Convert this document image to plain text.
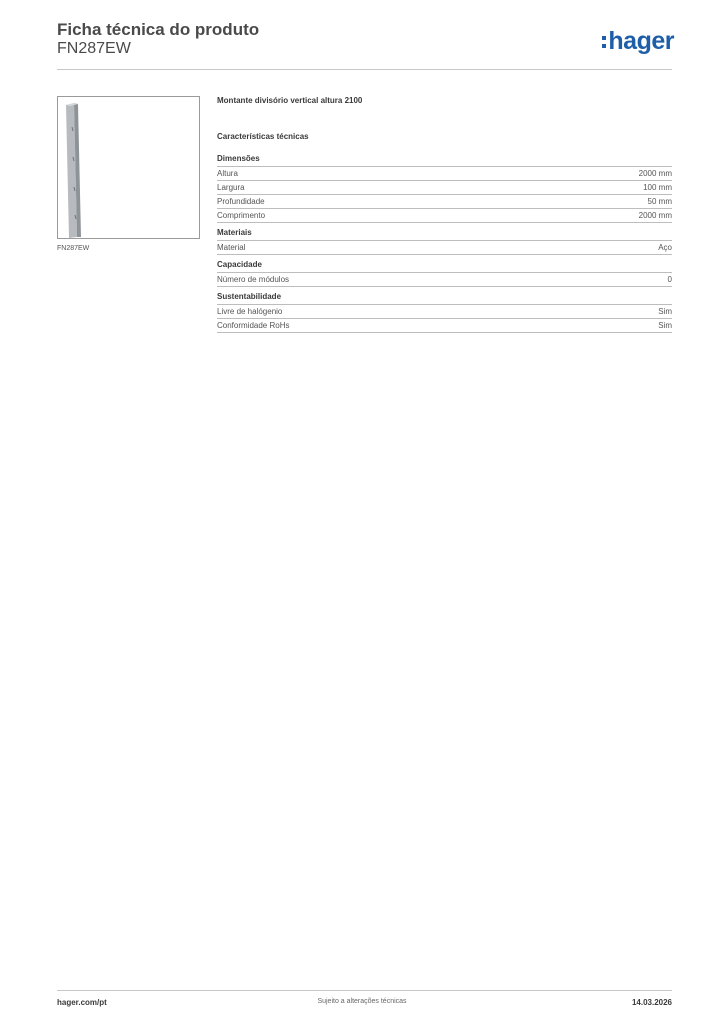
Ficha técnica do produto
FN287EW	hager
FN287EW
Montante divisório vertical altura 2100
Características técnicas
Dimensões
Altura	2000 mm
Largura	100 mm
Profundidade	50 mm
Comprimento	2000 mm
Materiais
Material	Aço
Capacidade
Número de módulos	0
Sustentabilidade
Livre de halógenio	Sim
Conformidade RoHs	Sim
hager.com/pt	Sujeito a alterações técnicas	14.03.2026
